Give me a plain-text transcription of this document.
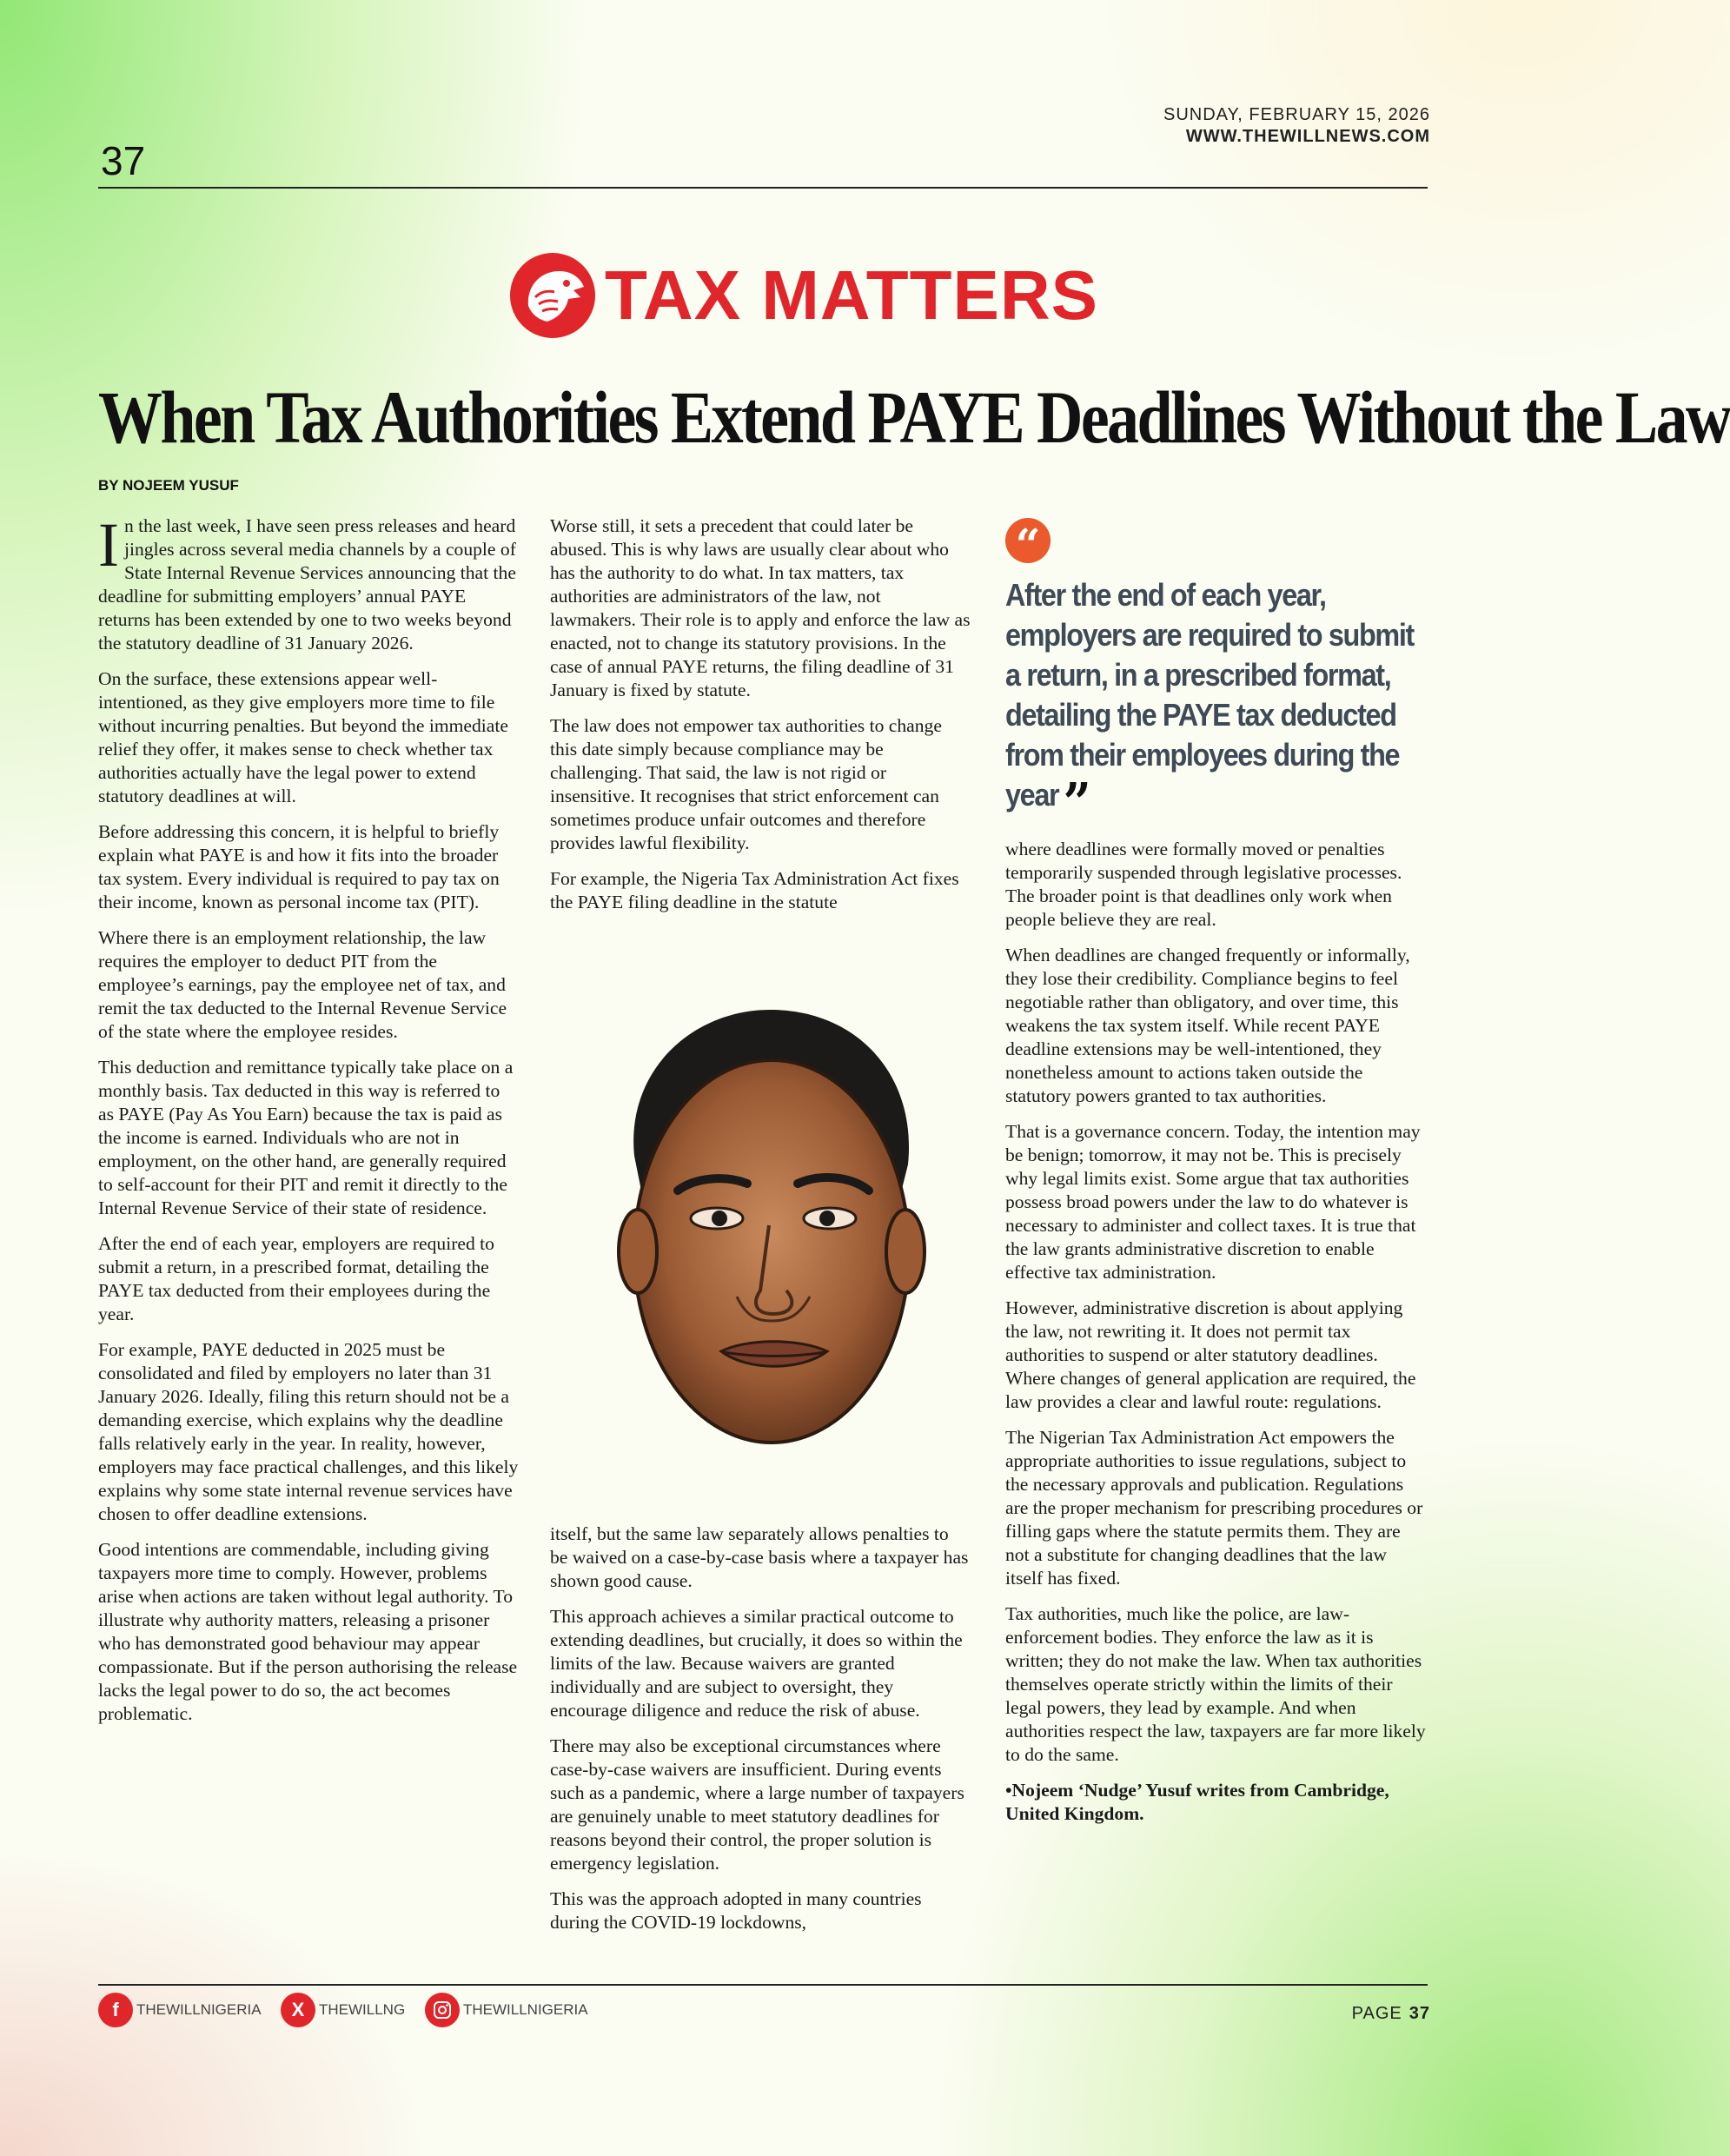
SUNDAY, FEBRUARY 15, 2026
WWW.THEWILLNEWS.COM
37
TAX MATTERS
When Tax Authorities Extend PAYE Deadlines Without the Law
BY NOJEEM YUSUF

In the last week, I have seen press releases and heard jingles across several media channels by a couple of State Internal Revenue Services announcing that the deadline for submitting employers’ annual PAYE returns has been extended by one to two weeks beyond the statutory deadline of 31 January 2026.

On the surface, these extensions appear well-intentioned, as they give employers more time to file without incurring penalties. But beyond the immediate relief they offer, it makes sense to check whether tax authorities actually have the legal power to extend statutory deadlines at will.

Before addressing this concern, it is helpful to briefly explain what PAYE is and how it fits into the broader tax system. Every individual is required to pay tax on their income, known as personal income tax (PIT).

Where there is an employment relationship, the law requires the employer to deduct PIT from the employee’s earnings, pay the employee net of tax, and remit the tax deducted to the Internal Revenue Service of the state where the employee resides.

This deduction and remittance typically take place on a monthly basis. Tax deducted in this way is referred to as PAYE (Pay As You Earn) because the tax is paid as the income is earned. Individuals who are not in employment, on the other hand, are generally required to self-account for their PIT and remit it directly to the Internal Revenue Service of their state of residence.

After the end of each year, employers are required to submit a return, in a prescribed format, detailing the PAYE tax deducted from their employees during the year.

For example, PAYE deducted in 2025 must be consolidated and filed by employers no later than 31 January 2026. Ideally, filing this return should not be a demanding exercise, which explains why the deadline falls relatively early in the year. In reality, however, employers may face practical challenges, and this likely explains why some state internal revenue services have chosen to offer deadline extensions.

Good intentions are commendable, including giving taxpayers more time to comply. However, problems arise when actions are taken without legal authority. To illustrate why authority matters, releasing a prisoner who has demonstrated good behaviour may appear compassionate. But if the person authorising the release lacks the legal power to do so, the act becomes problematic.

Worse still, it sets a precedent that could later be abused. This is why laws are usually clear about who has the authority to do what. In tax matters, tax authorities are administrators of the law, not lawmakers. Their role is to apply and enforce the law as enacted, not to change its statutory provisions. In the case of annual PAYE returns, the filing deadline of 31 January is fixed by statute.

The law does not empower tax authorities to change this date simply because compliance may be challenging. That said, the law is not rigid or insensitive. It recognises that strict enforcement can sometimes produce unfair outcomes and therefore provides lawful flexibility.

For example, the Nigeria Tax Administration Act fixes the PAYE filing deadline in the statute

itself, but the same law separately allows penalties to be waived on a case-by-case basis where a taxpayer has shown good cause.

This approach achieves a similar practical outcome to extending deadlines, but crucially, it does so within the limits of the law. Because waivers are granted individually and are subject to oversight, they encourage diligence and reduce the risk of abuse.

There may also be exceptional circumstances where case-by-case waivers are insufficient. During events such as a pandemic, where a large number of taxpayers are genuinely unable to meet statutory deadlines for reasons beyond their control, the proper solution is emergency legislation.

This was the approach adopted in many countries during the COVID-19 lockdowns,

“
After the end of each year, employers are required to submit a return, in a prescribed format, detailing the PAYE tax deducted from their employees during the year”

where deadlines were formally moved or penalties temporarily suspended through legislative processes. The broader point is that deadlines only work when people believe they are real.

When deadlines are changed frequently or informally, they lose their credibility. Compliance begins to feel negotiable rather than obligatory, and over time, this weakens the tax system itself. While recent PAYE deadline extensions may be well-intentioned, they nonetheless amount to actions taken outside the statutory powers granted to tax authorities.

That is a governance concern. Today, the intention may be benign; tomorrow, it may not be. This is precisely why legal limits exist. Some argue that tax authorities possess broad powers under the law to do whatever is necessary to administer and collect taxes. It is true that the law grants administrative discretion to enable effective tax administration.

However, administrative discretion is about applying the law, not rewriting it. It does not permit tax authorities to suspend or alter statutory deadlines. Where changes of general application are required, the law provides a clear and lawful route: regulations.

The Nigerian Tax Administration Act empowers the appropriate authorities to issue regulations, subject to the necessary approvals and publication. Regulations are the proper mechanism for prescribing procedures or filling gaps where the statute permits them. They are not a substitute for changing deadlines that the law itself has fixed.

Tax authorities, much like the police, are law-enforcement bodies. They enforce the law as it is written; they do not make the law. When tax authorities themselves operate strictly within the limits of their legal powers, they lead by example. And when authorities respect the law, taxpayers are far more likely to do the same.

•Nojeem ‘Nudge’ Yusuf writes from Cambridge, United Kingdom.

f	THEWILLNIGERIA	X THEWILLNG	THEWILLNIGERIA	PAGE 37
